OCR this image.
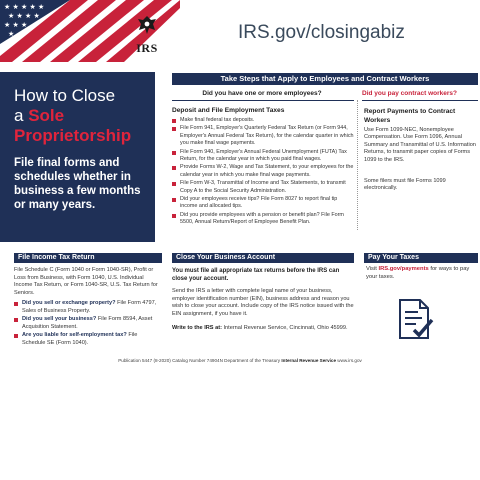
★ ★ ★ ★ ★
★ ★ ★ ★
★ ★ ★
★
IRS
IRS.gov/closingabiz
How to Close
a Sole
Proprietorship
File final forms and schedules whether in business a few months or many years.
Take Steps that Apply to Employees and Contract Workers
Did you have one or more employees?	Did you pay contract workers?
Deposit and File Employment Taxes
Make final federal tax deposits.
File Form 941, Employer's Quarterly Federal Tax Return (or Form 944, Employer's Annual Federal Tax Return), for the calendar quarter in which you make final wage payments.
File Form 940, Employer's Annual Federal Unemployment (FUTA) Tax Return, for the calendar year in which you paid final wages.
Provide Forms W-2, Wage and Tax Statement, to your employees for the calendar year in which you make final wage payments.
File Form W-3, Transmittal of Income and Tax Statements, to transmit Copy A to the Social Security Administration.
Did your employees receive tips? File Form 8027 to report final tip income and allocated tips.
Did you provide employees with a pension or benefit plan? File Form 5500, Annual Return/Report of Employee Benefit Plan.
Report Payments to Contract Workers
Use Form 1099-NEC, Nonemployee Compensation. Use Form 1096, Annual Summary and Transmittal of U.S. Information Returns, to transmit paper copies of Forms 1099 to the IRS.
Some filers must file Forms 1099 electronically.
File Income Tax Return
File Schedule C (Form 1040 or Form 1040-SR), Profit or Loss from Business, with Form 1040, U.S. Individual Income Tax Return, or Form 1040-SR, U.S. Tax Return for Seniors.
Did you sell or exchange property? File Form 4797, Sales of Business Property.
Did you sell your business? File Form 8594, Asset Acquisition Statement.
Are you liable for self-employment tax? File Schedule SE (Form 1040).
Close Your Business Account
You must file all appropriate tax returns before the IRS can close your account.
Send the IRS a letter with complete legal name of your business, employer identification number (EIN), business address and reason you wish to close your account. Include copy of the IRS notice issued with the EIN assignment, if you have it.
Write to the IRS at: Internal Revenue Service, Cincinnati, Ohio 45999.
Pay Your Taxes
Visit IRS.gov/payments for ways to pay your taxes.
Publication 5447 (8-2020) Catalog Number 74904N Department of the Treasury Internal Revenue Service www.irs.gov
